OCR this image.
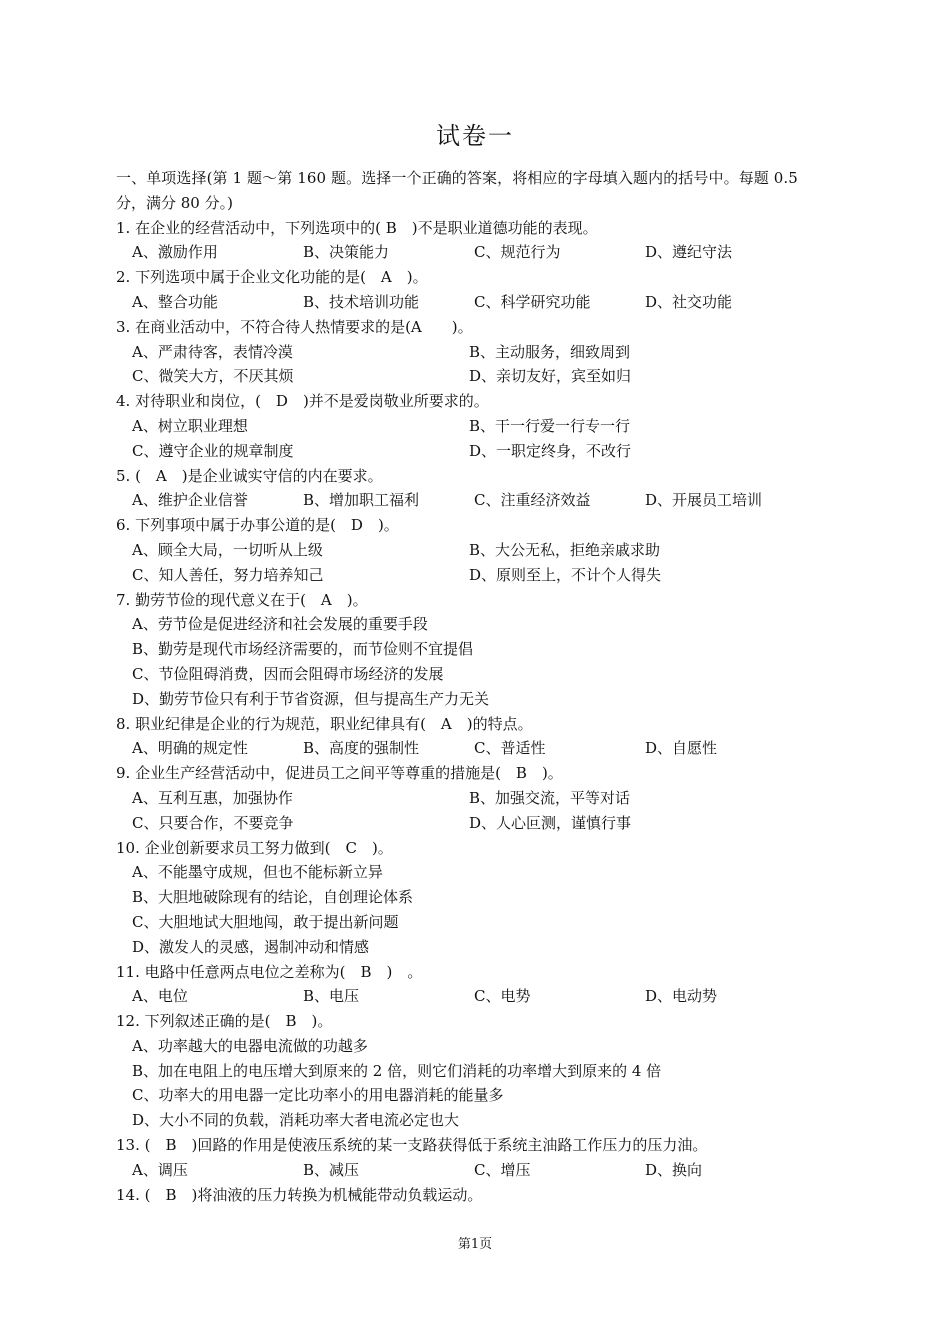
试卷一
一、单项选择(第 1 题～第 160 题。选择一个正确的答案，将相应的字母填入题内的括号中。每题 0.5
分，满分 80 分。)
1. 在企业的经营活动中，下列选项中的( B　)不是职业道德功能的表现。
A、激励作用	B、决策能力	C、规范行为	D、遵纪守法
2. 下列选项中属于企业文化功能的是(　A　)。
A、整合功能	B、技术培训功能	C、科学研究功能	D、社交功能
3. 在商业活动中，不符合待人热情要求的是(A　　)。
A、严肃待客，表情冷漠	B、主动服务，细致周到
C、微笑大方，不厌其烦	D、亲切友好，宾至如归
4. 对待职业和岗位，(　D　)并不是爱岗敬业所要求的。
A、树立职业理想	B、干一行爱一行专一行
C、遵守企业的规章制度	D、一职定终身，不改行
5. (　A　)是企业诚实守信的内在要求。
A、维护企业信誉	B、增加职工福利	C、注重经济效益	D、开展员工培训
6. 下列事项中属于办事公道的是(　D　)。
A、顾全大局，一切听从上级	B、大公无私，拒绝亲戚求助
C、知人善任，努力培养知己	D、原则至上，不计个人得失
7. 勤劳节俭的现代意义在于(　A　)。
A、劳节俭是促进经济和社会发展的重要手段
B、勤劳是现代市场经济需要的，而节俭则不宜提倡
C、节俭阻碍消费，因而会阻碍市场经济的发展
D、勤劳节俭只有利于节省资源，但与提高生产力无关
8. 职业纪律是企业的行为规范，职业纪律具有(　A　)的特点。
A、明确的规定性	B、高度的强制性	C、普适性	D、自愿性
9. 企业生产经营活动中，促进员工之间平等尊重的措施是(　B　)。
A、互利互惠，加强协作	B、加强交流，平等对话
C、只要合作，不要竞争	D、人心叵测，谨慎行事
10. 企业创新要求员工努力做到(　C　)。
A、不能墨守成规，但也不能标新立异
B、大胆地破除现有的结论，自创理论体系
C、大胆地试大胆地闯，敢于提出新问题
D、激发人的灵感，遏制冲动和情感
11. 电路中任意两点电位之差称为(　B　)　。
A、电位	B、电压	C、电势	D、电动势
12. 下列叙述正确的是(　B　)。
A、功率越大的电器电流做的功越多
B、加在电阻上的电压增大到原来的 2 倍，则它们消耗的功率增大到原来的 4 倍
C、功率大的用电器一定比功率小的用电器消耗的能量多
D、大小不同的负载，消耗功率大者电流必定也大
13. (　B　)回路的作用是使液压系统的某一支路获得低于系统主油路工作压力的压力油。
A、调压	B、减压	C、增压	D、换向
14. (　B　)将油液的压力转换为机械能带动负载运动。
第1页
